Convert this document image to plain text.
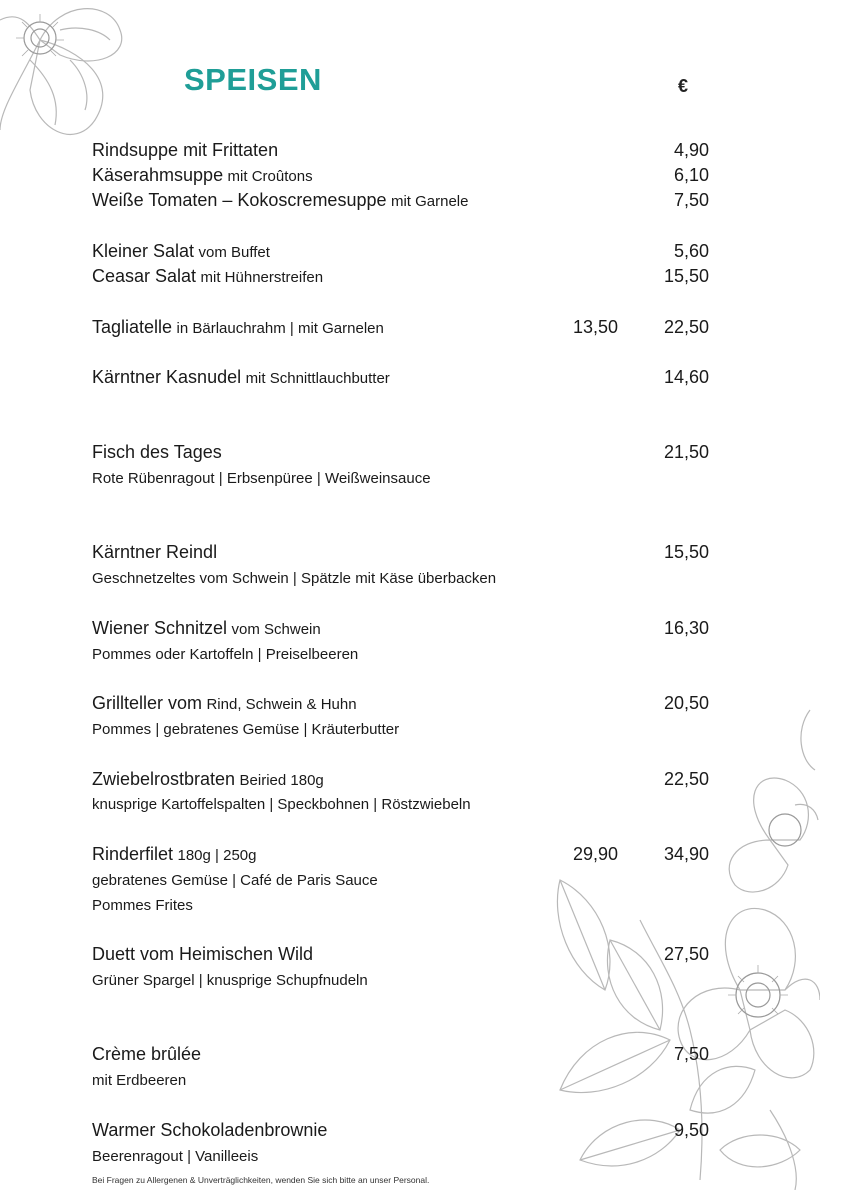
SPEISEN	€
Rindsuppe mit Frittaten	4,90
Käserahmsuppe mit Croûtons	6,10
Weiße Tomaten – Kokoscremesuppe mit Garnele	7,50
Kleiner Salat vom Buffet	5,60
Ceasar Salat mit Hühnerstreifen	15,50
Tagliatelle in Bärlauchrahm | mit Garnelen	13,50	22,50
Kärntner Kasnudel mit Schnittlauchbutter	14,60
Fisch des Tages	21,50
Rote Rübenragout | Erbsenpüree | Weißweinsauce
Kärntner Reindl	15,50
Geschnetzeltes vom Schwein | Spätzle mit Käse überbacken
Wiener Schnitzel vom Schwein	16,30
Pommes oder Kartoffeln | Preiselbeeren
Grillteller vom Rind, Schwein & Huhn	20,50
Pommes | gebratenes Gemüse | Kräuterbutter
Zwiebelrostbraten Beiried 180g	22,50
knusprige Kartoffelspalten | Speckbohnen | Röstzwiebeln
Rinderfilet 180g | 250g	29,90	34,90
gebratenes Gemüse | Café de Paris Sauce
Pommes Frites
Duett vom Heimischen Wild	27,50
Grüner Spargel | knusprige Schupfnudeln
Crème brûlée	7,50
mit Erdbeeren
Warmer Schokoladenbrownie	9,50
Beerenragout | Vanilleeis
Bei Fragen zu Allergenen & Unverträglichkeiten, wenden Sie sich bitte an unser Personal.
